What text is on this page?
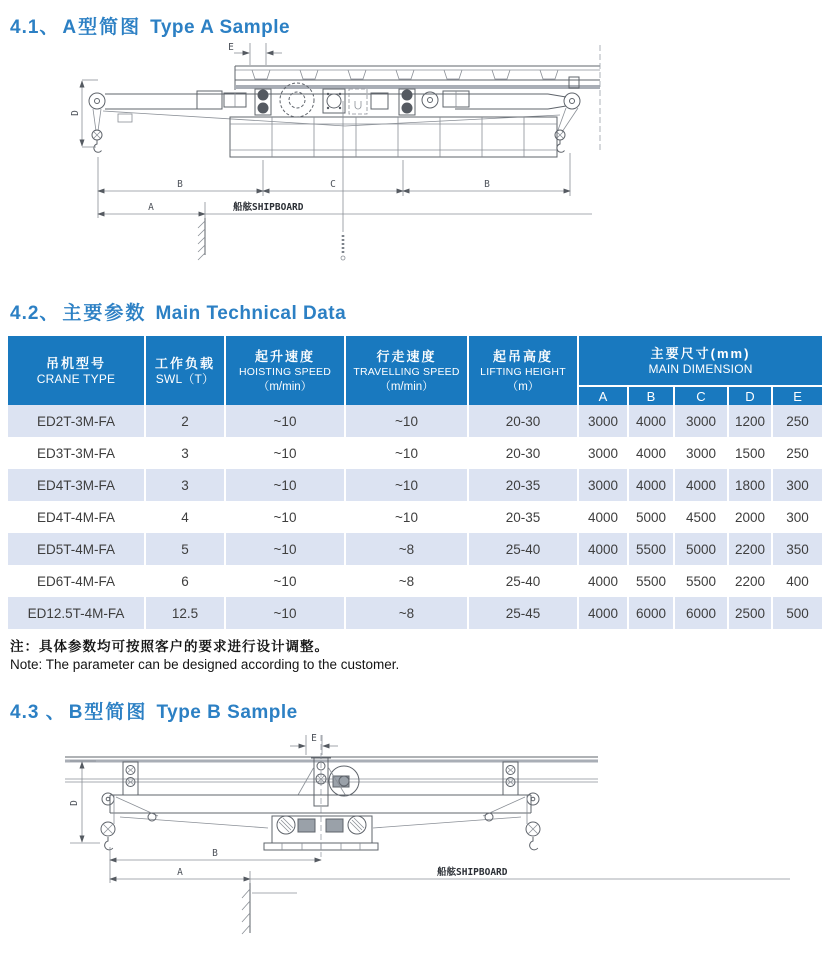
4.1、 A型简图 Type A Sample
E
D
B	C	B
A	船舷SHIPBOARD
4.2、 主要参数 Main Technical Data
吊机型号
CRANE TYPE

工作负载
SWL（T）

起升速度
HOISTING SPEED
（m/min）

行走速度
TRAVELLING SPEED
（m/min）

起吊高度
LIFTING HEIGHT
（m）

主要尺寸(mm)
MAIN DIMENSION

					A	B	C	D	E
ED2T-3M-FA	2	~10	~10	20-30	3000	4000	3000	1200	250
ED3T-3M-FA	3	~10	~10	20-30	3000	4000	3000	1500	250
ED4T-3M-FA	3	~10	~10	20-35	3000	4000	4000	1800	300
ED4T-4M-FA	4	~10	~10	20-35	4000	5000	4500	2000	300
ED5T-4M-FA	5	~10	~8	25-40	4000	5500	5000	2200	350
ED6T-4M-FA	6	~10	~8	25-40	4000	5500	5500	2200	400
ED12.5T-4M-FA	12.5	~10	~8	25-45	4000	6000	6000	2500	500
注：具体参数均可按照客户的要求进行设计调整。
Note: The parameter can be designed according to the customer.
4.3 、 B型简图 Type B Sample
E
D
B
A	船舷SHIPBOARD
